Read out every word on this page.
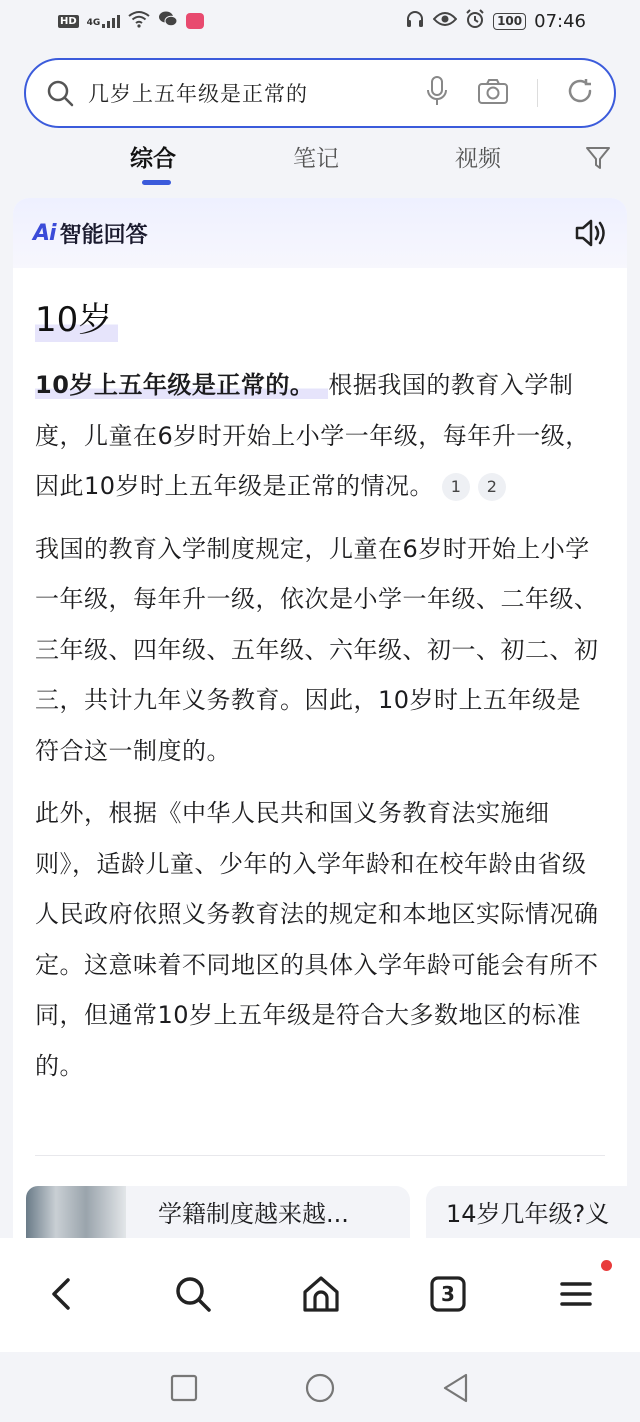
HD 4G	100 07:46
几岁上五年级是正常的
综合	笔记	视频
Ai 智能回答
10岁

10岁上五年级是正常的。 根据我国的教育入学制度，儿童在6岁时开始上小学一年级，每年升一级，因此10岁时上五年级是正常的情况。 1 2

我国的教育入学制度规定，儿童在6岁时开始上小学一年级，每年升一级，依次是小学一年级、二年级、三年级、四年级、五年级、六年级、初一、初二、初三，共计九年义务教育。因此，10岁时上五年级是符合这一制度的。

此外，根据《中华人民共和国义务教育法实施细则》，适龄儿童、少年的入学年龄和在校年龄由省级人民政府依照义务教育法的规定和本地区实际情况确定。这意味着不同地区的具体入学年龄可能会有所不同，但通常10岁上五年级是符合大多数地区的标准的。

学籍制度越来越...	14岁几年级?义
3
